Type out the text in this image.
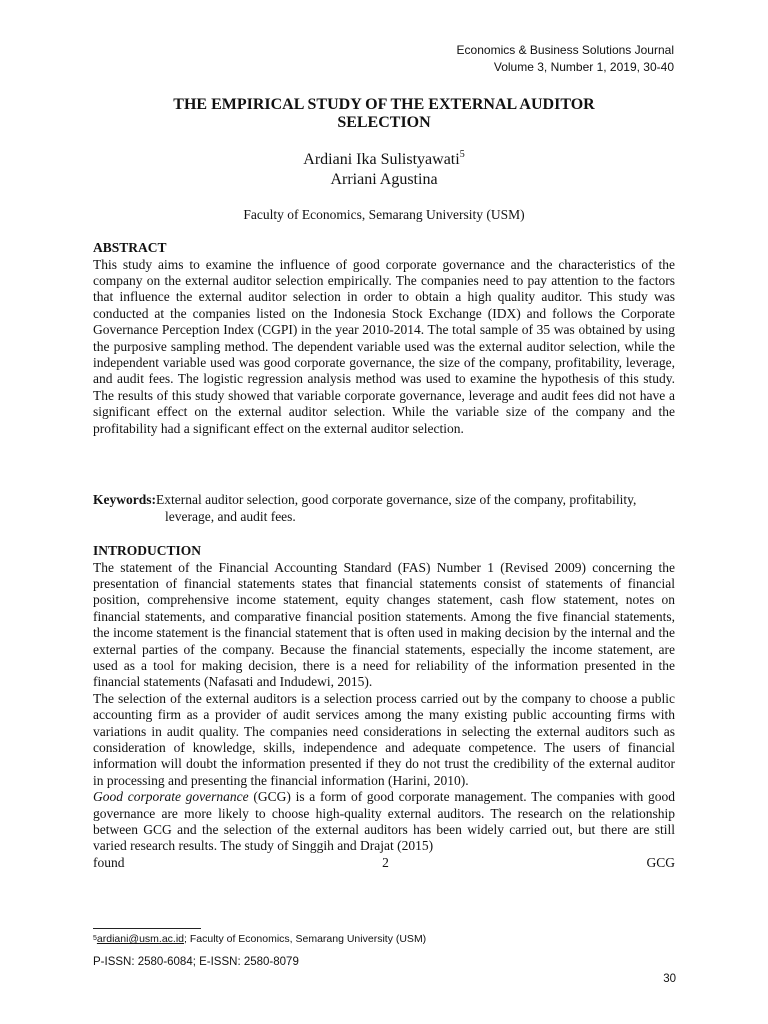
Economics & Business Solutions Journal
Volume 3, Number 1, 2019, 30-40
THE EMPIRICAL STUDY OF THE EXTERNAL AUDITOR
SELECTION
Ardiani Ika Sulistyawati$^5$
Arriani Agustina
Faculty of Economics, Semarang University (USM)
ABSTRACT
This study aims to examine the influence of good corporate governance and the characteristics of the company on the external auditor selection empirically. The companies need to pay attention to the factors that influence the external auditor selection in order to obtain a high quality auditor. This study was conducted at the companies listed on the Indonesia Stock Exchange (IDX) and follows the Corporate Governance Perception Index (CGPI) in the year 2010-2014. The total sample of 35 was obtained by using the purposive sampling method. The dependent variable used was the external auditor selection, while the independent variable used was good corporate governance, the size of the company, profitability, leverage, and audit fees. The logistic regression analysis method was used to examine the hypothesis of this study. The results of this study showed that variable corporate governance, leverage and audit fees did not have a significant effect on the external auditor selection. While the variable size of the company and the profitability had a significant effect on the external auditor selection.
Keywords:External auditor selection, good corporate governance, size of the company, profitability, leverage, and audit fees.
INTRODUCTION

The statement of the Financial Accounting Standard (FAS) Number 1 (Revised 2009) concerning the presentation of financial statements states that financial statements consist of statements of financial position, comprehensive income statement, equity changes statement, cash flow statement, notes on financial statements, and comparative financial position statements. Among the five financial statements, the income statement is the financial statement that is often used in making decision by the internal and the external parties of the company. Because the financial statements, especially the income statement, are used as a tool for making decision, there is a need for reliability of the information presented in the financial statements (Nafasati and Indudewi, 2015).

The selection of the external auditors is a selection process carried out by the company to choose a public accounting firm as a provider of audit services among the many existing public accounting firms with variations in audit quality. The companies need considerations in selecting the external auditors such as consideration of knowledge, skills, independence and adequate competence. The users of financial information will doubt the information presented if they do not trust the credibility of the external auditor in processing and presenting the financial information (Harini, 2010).

Good corporate governance (GCG) is a form of good corporate management. The companies with good governance are more likely to choose high-quality external auditors. The research on the relationship between GCG and the selection of the external auditors has been widely carried out, but there are still varied research results. The study of Singgih and Drajat (2015)

found	2	GCG
$^5$ardiani@usm.ac.id; Faculty of Economics, Semarang University (USM)
P-ISSN: 2580-6084; E-ISSN: 2580-8079
30
